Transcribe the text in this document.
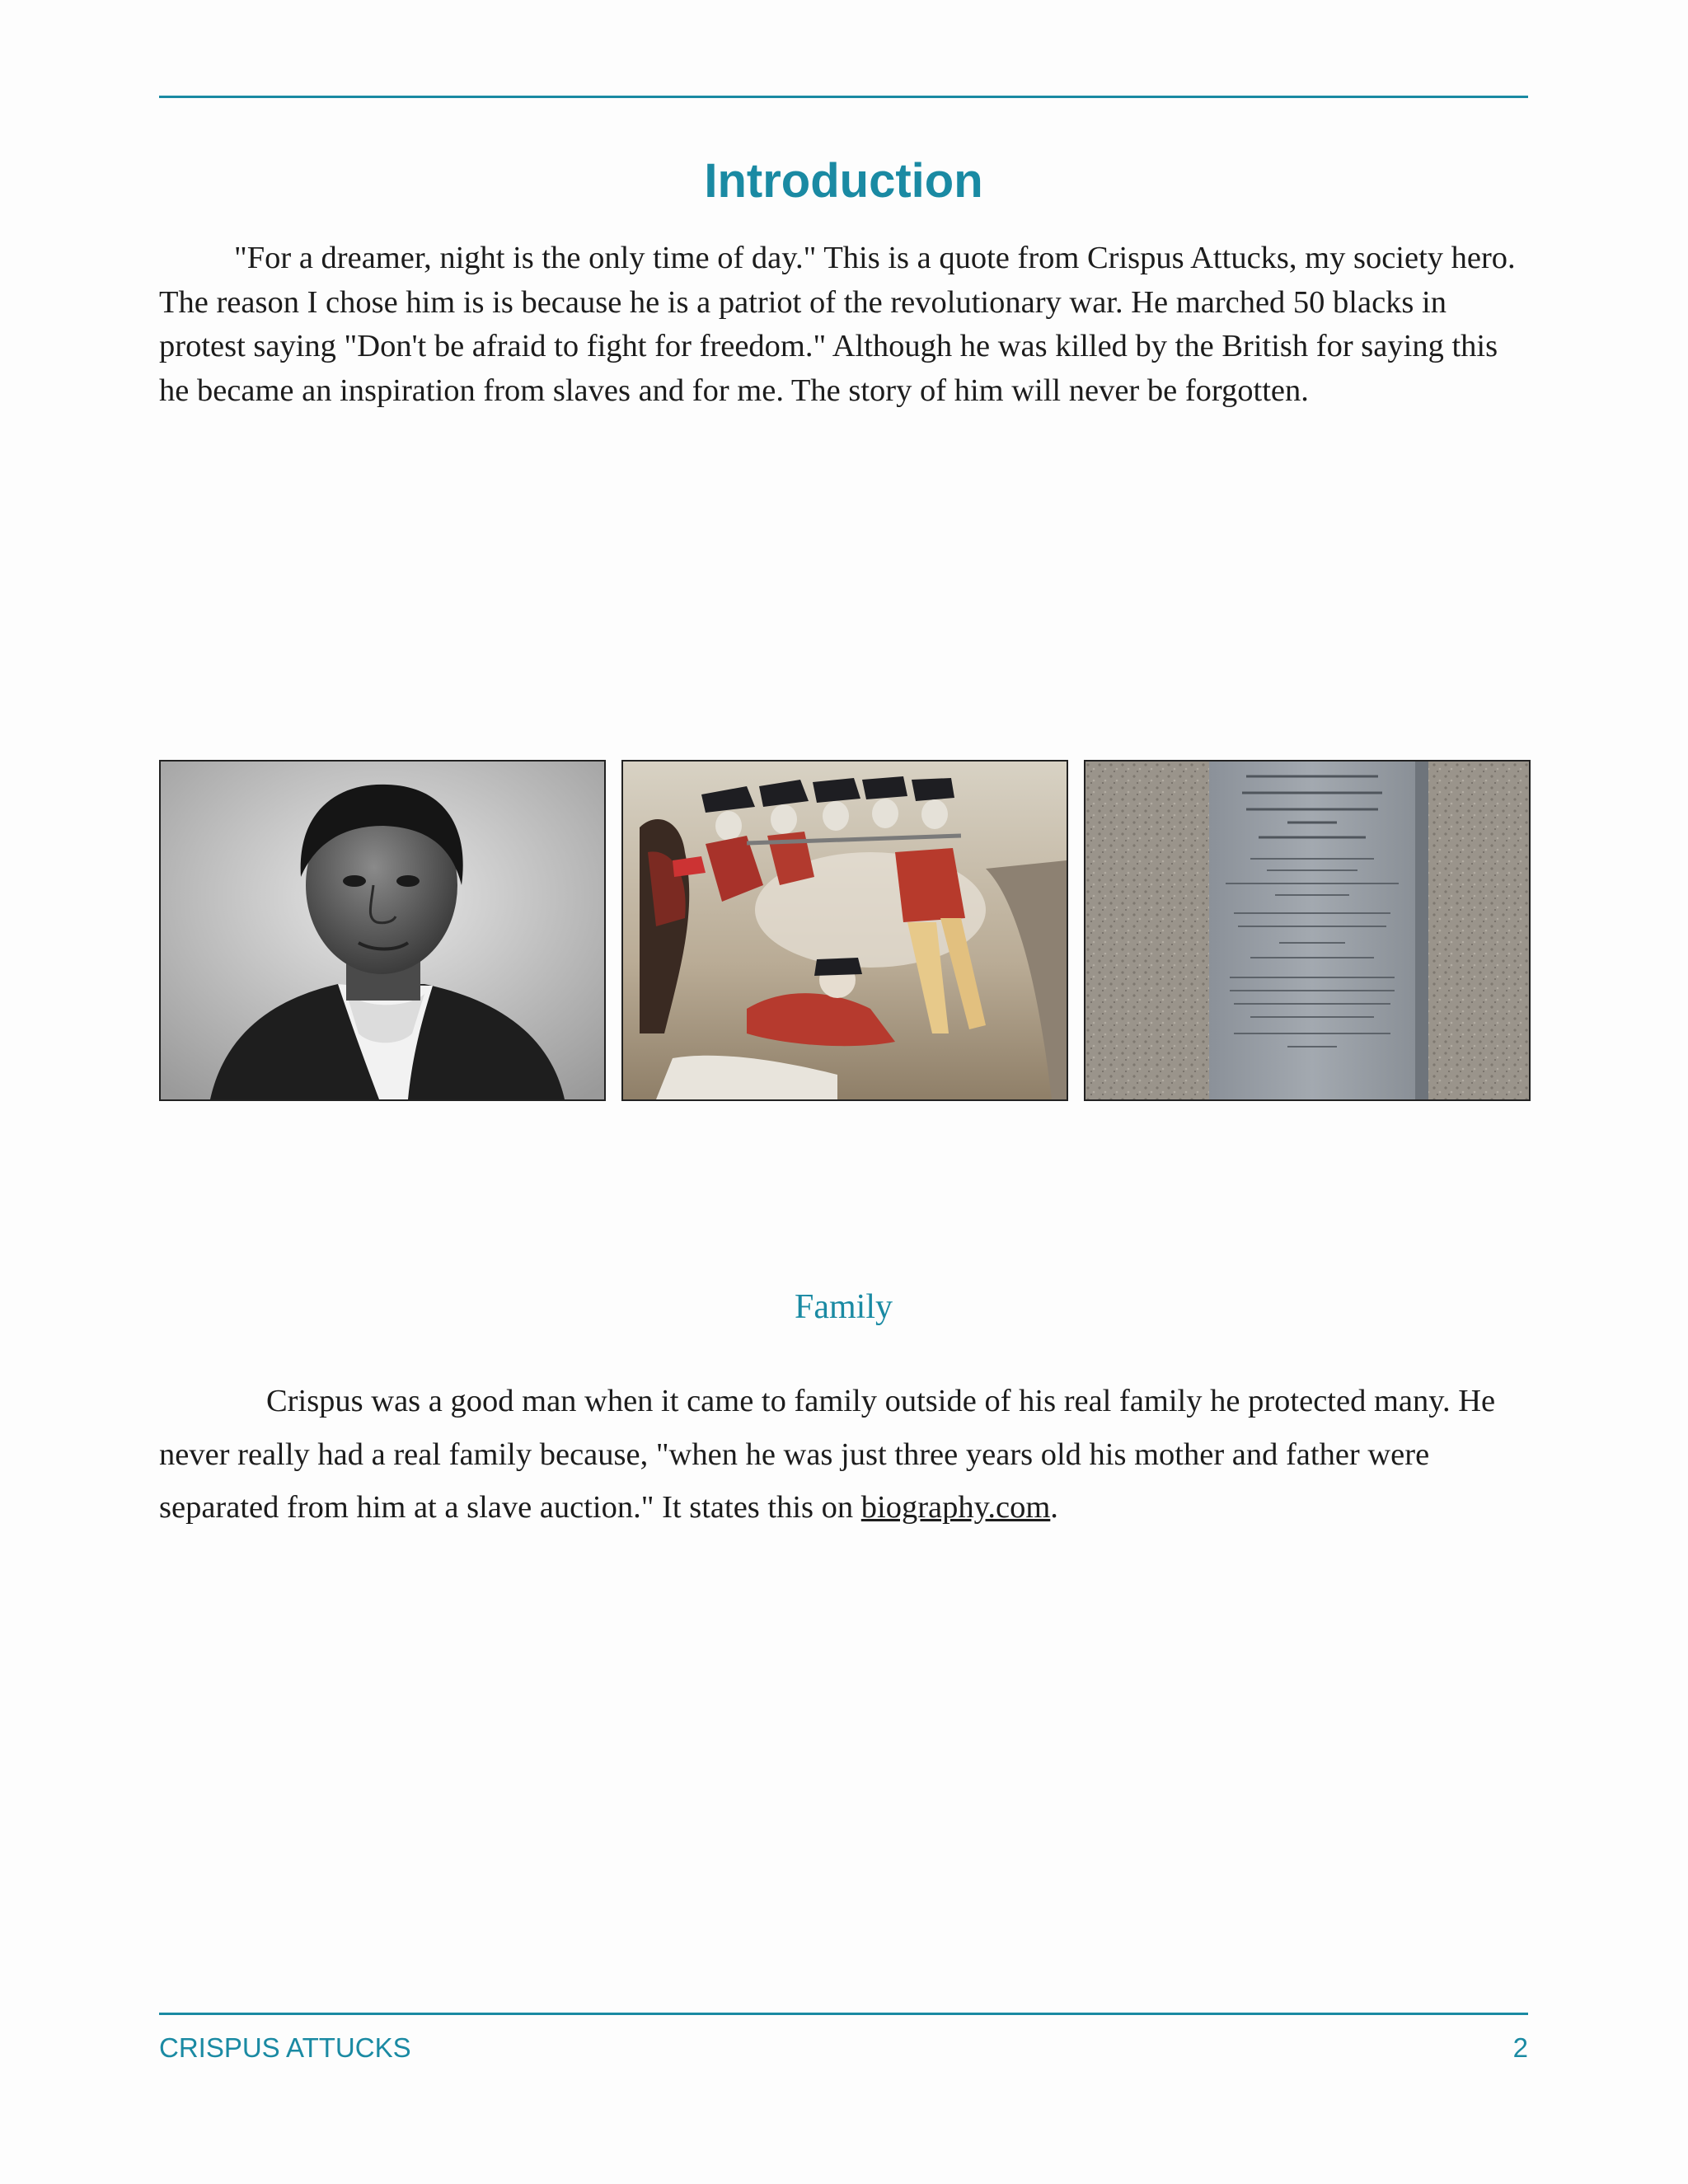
Introduction

"For a dreamer, night is the only time of day." This is a quote from Crispus Attucks, my society hero. The reason I chose him is is because he is a patriot of the revolutionary war. He marched 50 blacks in protest saying "Don't be afraid to fight for freedom." Although he was killed by the British for saying this he became an inspiration from slaves and for me. The story of him will never be forgotten.

Family

Crispus was a good man when it came to family outside of his real family he protected many. He never really had a real family because, "when he was just three years old his mother and father were separated from him at a slave auction." It states this on biography.com.

CRISPUS ATTUCKS	2
